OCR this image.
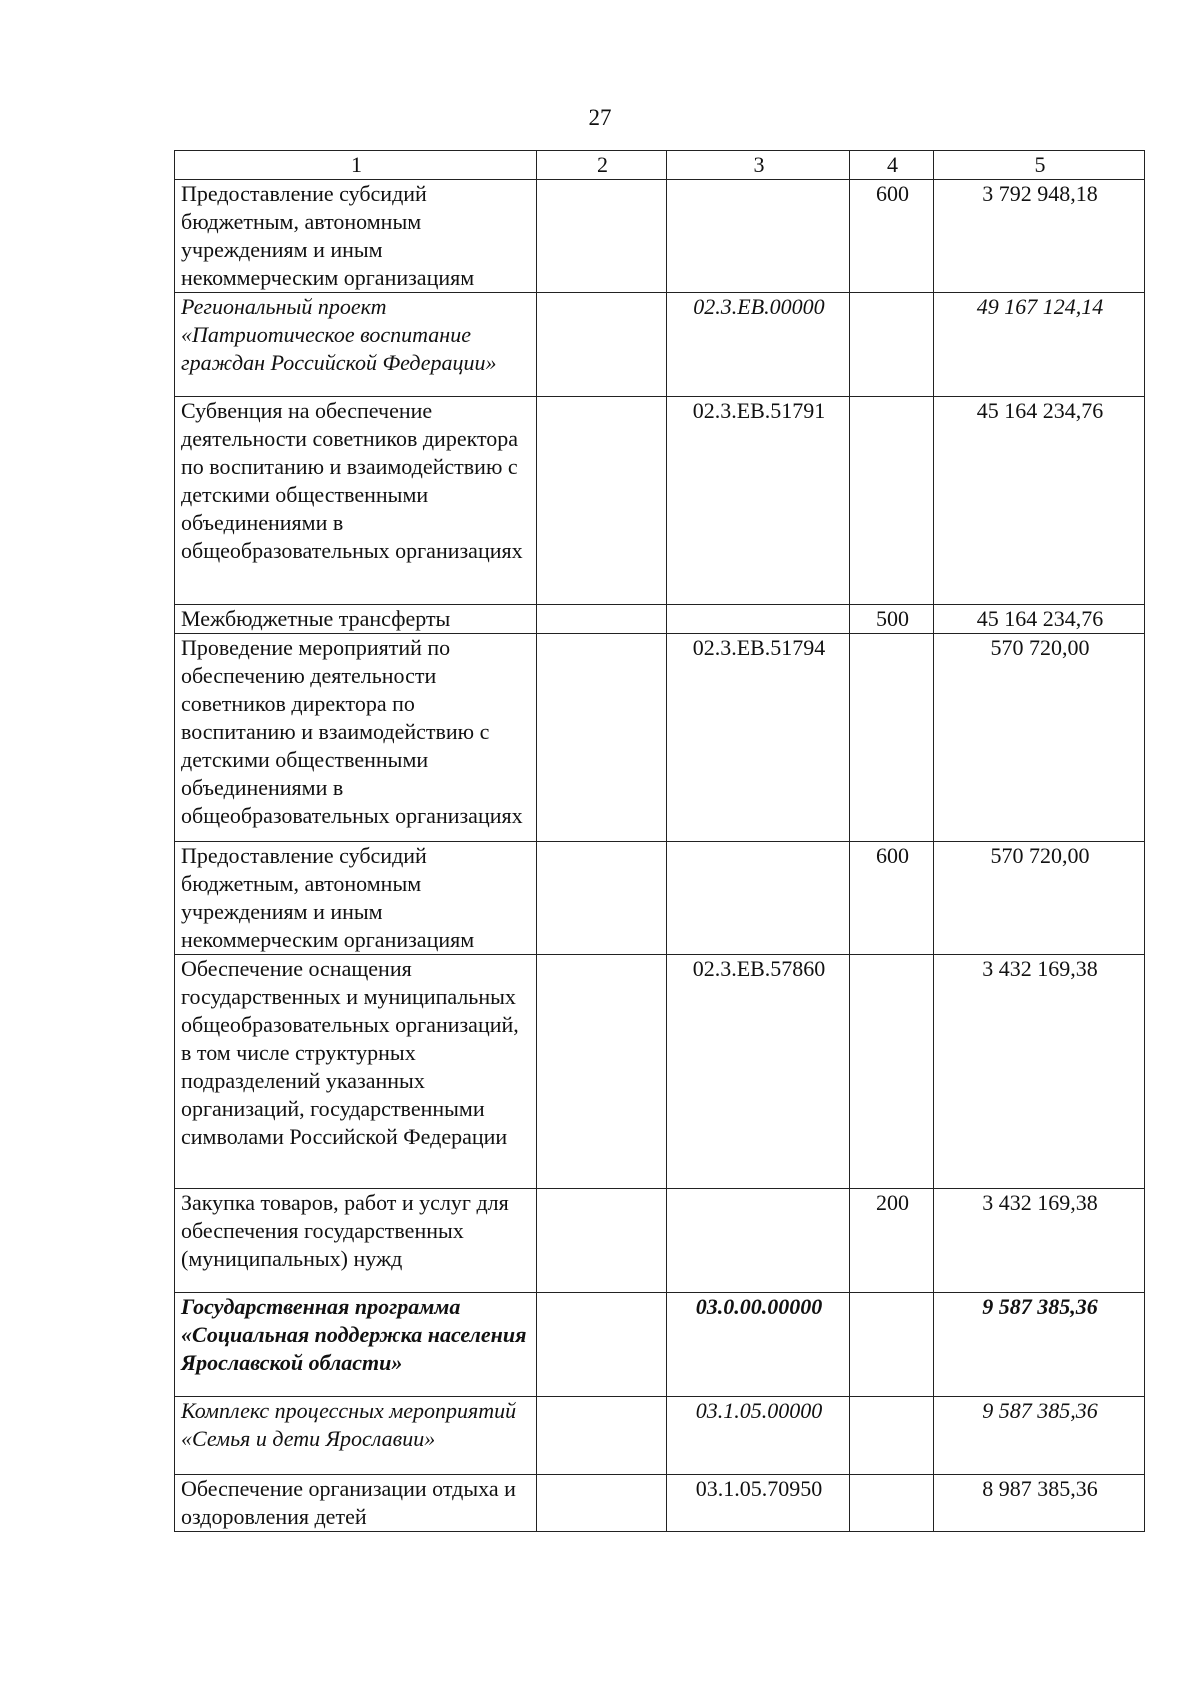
27
1	2	3	4	5
Предоставление субсидий бюджетным, автономным учреждениям и иным некоммерческим организациям			600	3 792 948,18
Региональный проект «Патриотическое воспитание граждан Российской Федерации»		02.3.ЕВ.00000		49 167 124,14
Субвенция на обеспечение деятельности советников директора по воспитанию и взаимодействию с детскими общественными объединениями в общеобразовательных организациях		02.3.ЕВ.51791		45 164 234,76
Межбюджетные трансферты			500	45 164 234,76
Проведение мероприятий по обеспечению деятельности советников директора по воспитанию и взаимодействию с детскими общественными объединениями в общеобразовательных организациях		02.3.ЕВ.51794		570 720,00
Предоставление субсидий бюджетным, автономным учреждениям и иным некоммерческим организациям			600	570 720,00
Обеспечение оснащения государственных и муниципальных общеобразовательных организаций, в том числе структурных подразделений указанных организаций, государственными символами Российской Федерации		02.3.ЕВ.57860		3 432 169,38
Закупка товаров, работ и услуг для обеспечения государственных (муниципальных) нужд			200	3 432 169,38
Государственная программа «Социальная поддержка населения Ярославской области»		03.0.00.00000		9 587 385,36
Комплекс процессных мероприятий «Семья и дети Ярославии»		03.1.05.00000		9 587 385,36
Обеспечение организации отдыха и оздоровления детей		03.1.05.70950		8 987 385,36
